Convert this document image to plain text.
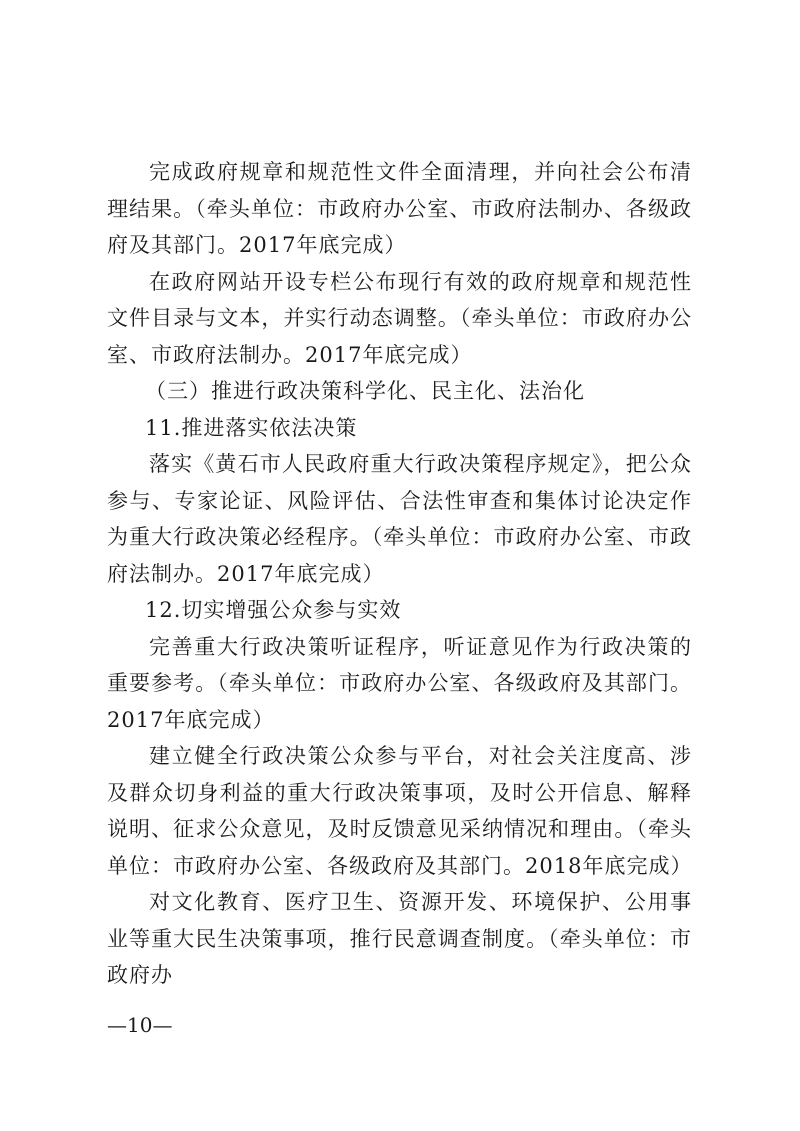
完成政府规章和规范性文件全面清理，并向社会公布清理结果。（牵头单位：市政府办公室、市政府法制办、各级政府及其部门。2017年底完成）

在政府网站开设专栏公布现行有效的政府规章和规范性文件目录与文本，并实行动态调整。（牵头单位：市政府办公室、市政府法制办。2017年底完成）

（三）推进行政决策科学化、民主化、法治化

11.推进落实依法决策

落实《黄石市人民政府重大行政决策程序规定》，把公众参与、专家论证、风险评估、合法性审查和集体讨论决定作为重大行政决策必经程序。（牵头单位：市政府办公室、市政府法制办。2017年底完成）

12.切实增强公众参与实效

完善重大行政决策听证程序，听证意见作为行政决策的重要参考。（牵头单位：市政府办公室、各级政府及其部门。2017年底完成）

建立健全行政决策公众参与平台，对社会关注度高、涉及群众切身利益的重大行政决策事项，及时公开信息、解释说明、征求公众意见，及时反馈意见采纳情况和理由。（牵头单位：市政府办公室、各级政府及其部门。2018年底完成）

对文化教育、医疗卫生、资源开发、环境保护、公用事业等重大民生决策事项，推行民意调查制度。（牵头单位：市政府办

—10—
